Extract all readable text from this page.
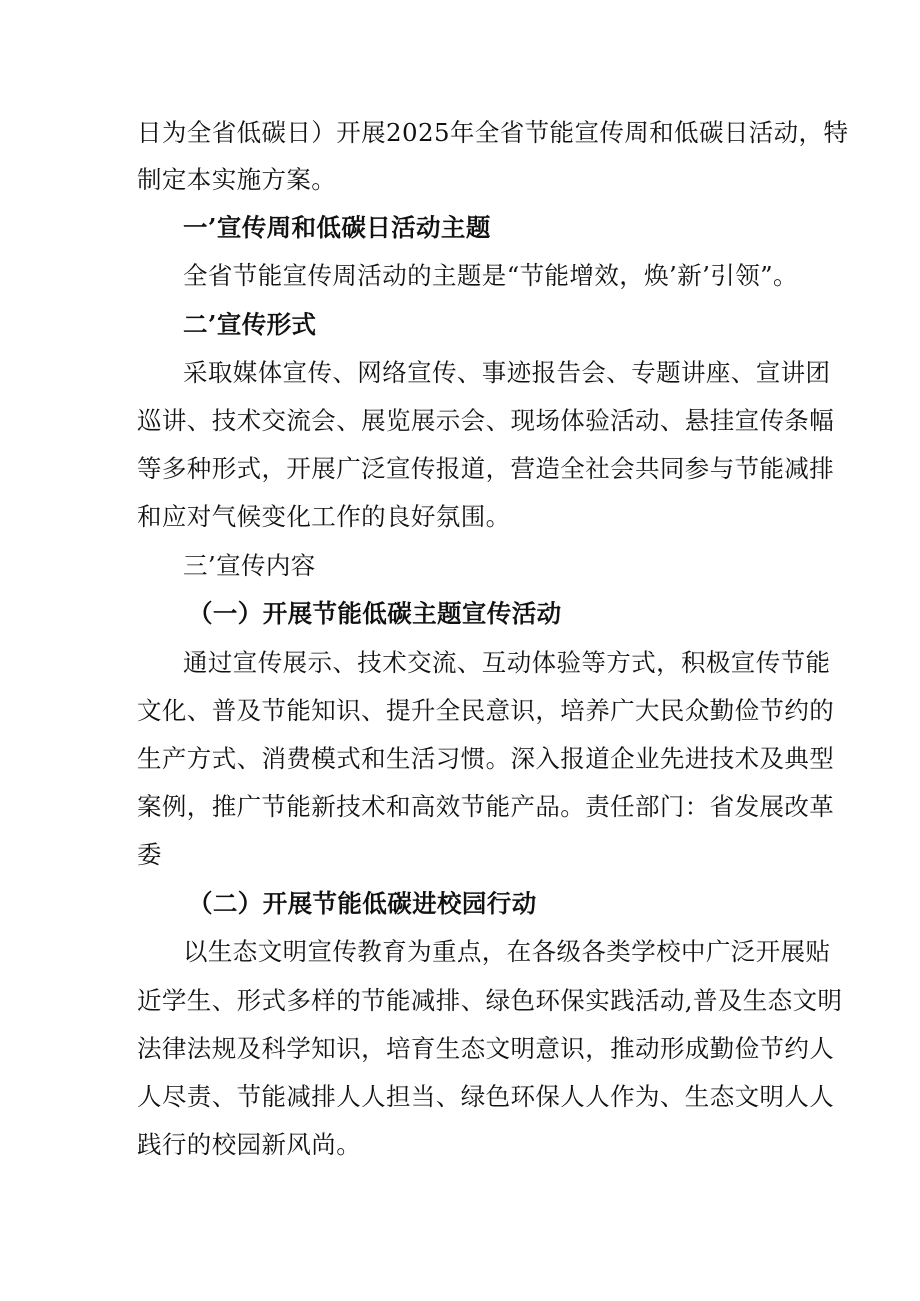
日为全省低碳日）开展2025年全省节能宣传周和低碳日活动，特
制定本实施方案。
一’宣传周和低碳日活动主题
全省节能宣传周活动的主题是“节能增效，焕’新’引领”。
二’宣传形式
采取媒体宣传、网络宣传、事迹报告会、专题讲座、宣讲团
巡讲、技术交流会、展览展示会、现场体验活动、悬挂宣传条幅
等多种形式，开展广泛宣传报道，营造全社会共同参与节能减排
和应对气候变化工作的良好氛围。
三’宣传内容
（一）开展节能低碳主题宣传活动
通过宣传展示、技术交流、互动体验等方式，积极宣传节能
文化、普及节能知识、提升全民意识，培养广大民众勤俭节约的
生产方式、消费模式和生活习惯。深入报道企业先进技术及典型
案例，推广节能新技术和高效节能产品。责任部门：省发展改革
委
（二）开展节能低碳进校园行动
以生态文明宣传教育为重点，在各级各类学校中广泛开展贴
近学生、形式多样的节能减排、绿色环保实践活动,普及生态文明
法律法规及科学知识，培育生态文明意识，推动形成勤俭节约人
人尽责、节能减排人人担当、绿色环保人人作为、生态文明人人
践行的校园新风尚。
